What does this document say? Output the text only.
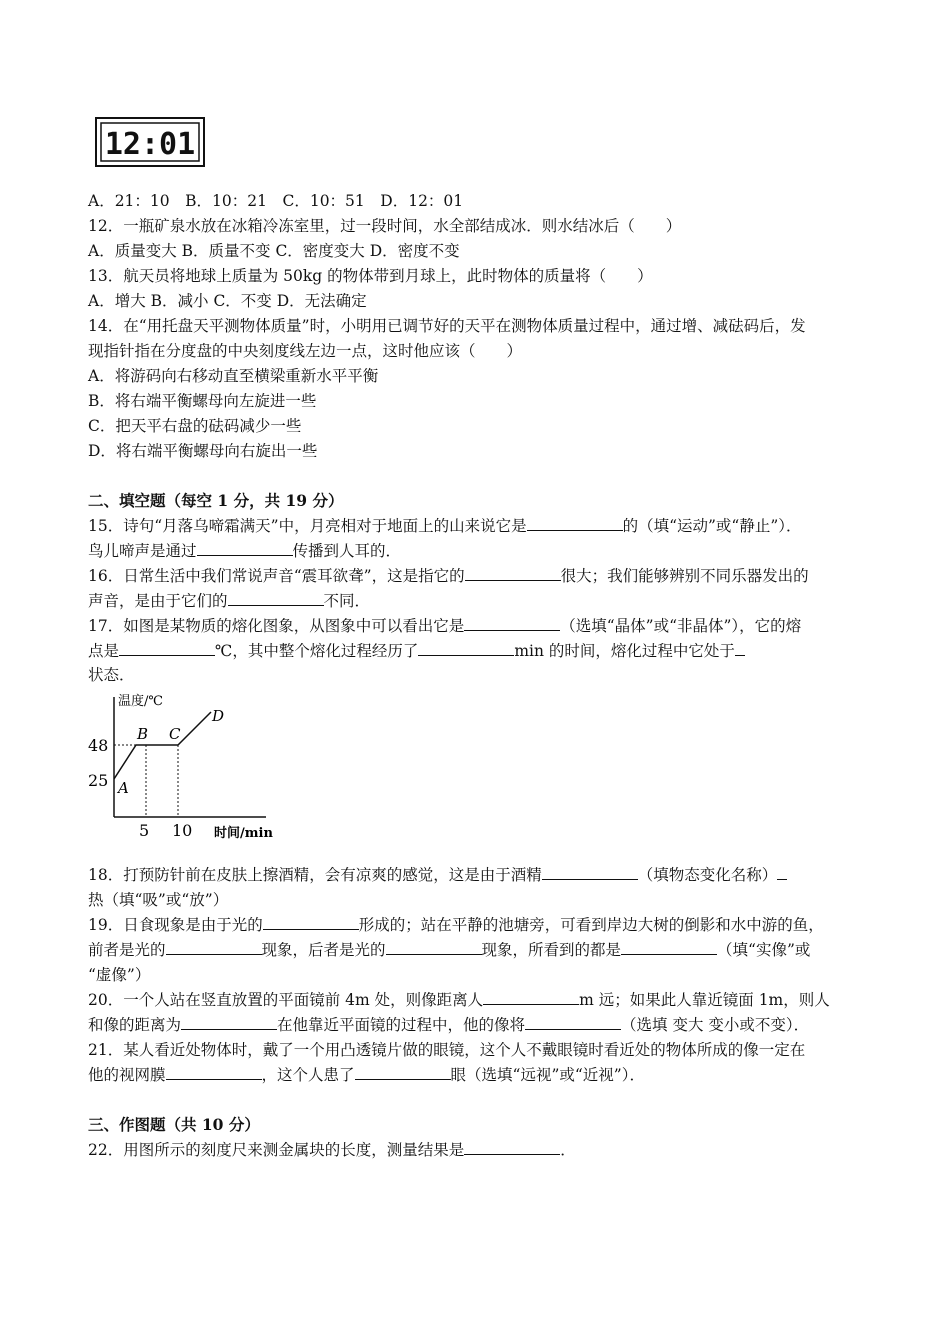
12:01
A．21：10　B．10：21　C．10：51　D．12：01
12．一瓶矿泉水放在冰箱冷冻室里，过一段时间，水全部结成冰．则水结冰后（　　）
A．质量变大 B．质量不变 C．密度变大 D．密度不变
13．航天员将地球上质量为 50kg 的物体带到月球上，此时物体的质量将（　　）
A．增大 B．减小 C．不变 D．无法确定
14．在“用托盘天平测物体质量”时，小明用已调节好的天平在测物体质量过程中，通过增、减砝码后，发
现指针指在分度盘的中央刻度线左边一点，这时他应该（　　）
A．将游码向右移动直至横梁重新水平平衡
B．将右端平衡螺母向左旋进一些
C．把天平右盘的砝码减少一些
D．将右端平衡螺母向右旋出一些
二、填空题（每空 1 分，共 19 分）
15．诗句“月落乌啼霜满天”中，月亮相对于地面上的山来说它是	的（填“运动”或“静止”）．
鸟儿啼声是通过	传播到人耳的．
16．日常生活中我们常说声音“震耳欲聋”，这是指它的	很大；我们能够辨别不同乐器发出的
声音，是由于它们的	不同．
17．如图是某物质的熔化图象，从图象中可以看出它是	（选填“晶体”或“非晶体”），它的熔
点是	℃，其中整个熔化过程经历了	min 的时间，熔化过程中它处于
状态．
温度/℃
48
25
5 10 时间/min
A
B C
D
18．打预防针前在皮肤上擦酒精，会有凉爽的感觉，这是由于酒精	（填物态变化名称）
热（填“吸”或“放”）
19．日食现象是由于光的	形成的；站在平静的池塘旁，可看到岸边大树的倒影和水中游的鱼，
前者是光的	现象，后者是光的	现象，所看到的都是	（填“实像”或
“虚像”）
20．一个人站在竖直放置的平面镜前 4m 处，则像距离人	m 远；如果此人靠近镜面 1m，则人
和像的距离为	在他靠近平面镜的过程中，他的像将	（选填 变大 变小或不变）．
21．某人看近处物体时，戴了一个用凸透镜片做的眼镜，这个人不戴眼镜时看近处的物体所成的像一定在
他的视网膜	，这个人患了	眼（选填“远视”或“近视”）．
三、作图题（共 10 分）
22．用图所示的刻度尺来测金属块的长度，测量结果是	．
